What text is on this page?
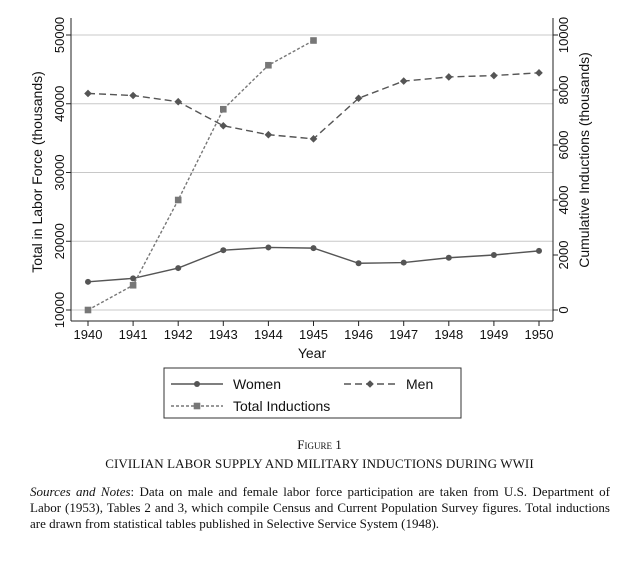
1940 1941 1942 1943 1944 1945 1946 1947 1948 1949 1950
10000
20000
30000
40000
50000
0
2000
4000
6000
8000
10000
Year
Total in Labor Force (thousands)	Cumulative Inductions (thousands)
Women	Men
Total Inductions
Figure 1
CIVILIAN LABOR SUPPLY AND MILITARY INDUCTIONS DURING WWII
Sources and Notes: Data on male and female labor force participation are taken from U.S. Department of Labor (1953), Tables 2 and 3, which compile Census and Current Population Survey figures. Total inductions are drawn from statistical tables published in Selective Service System (1948).
